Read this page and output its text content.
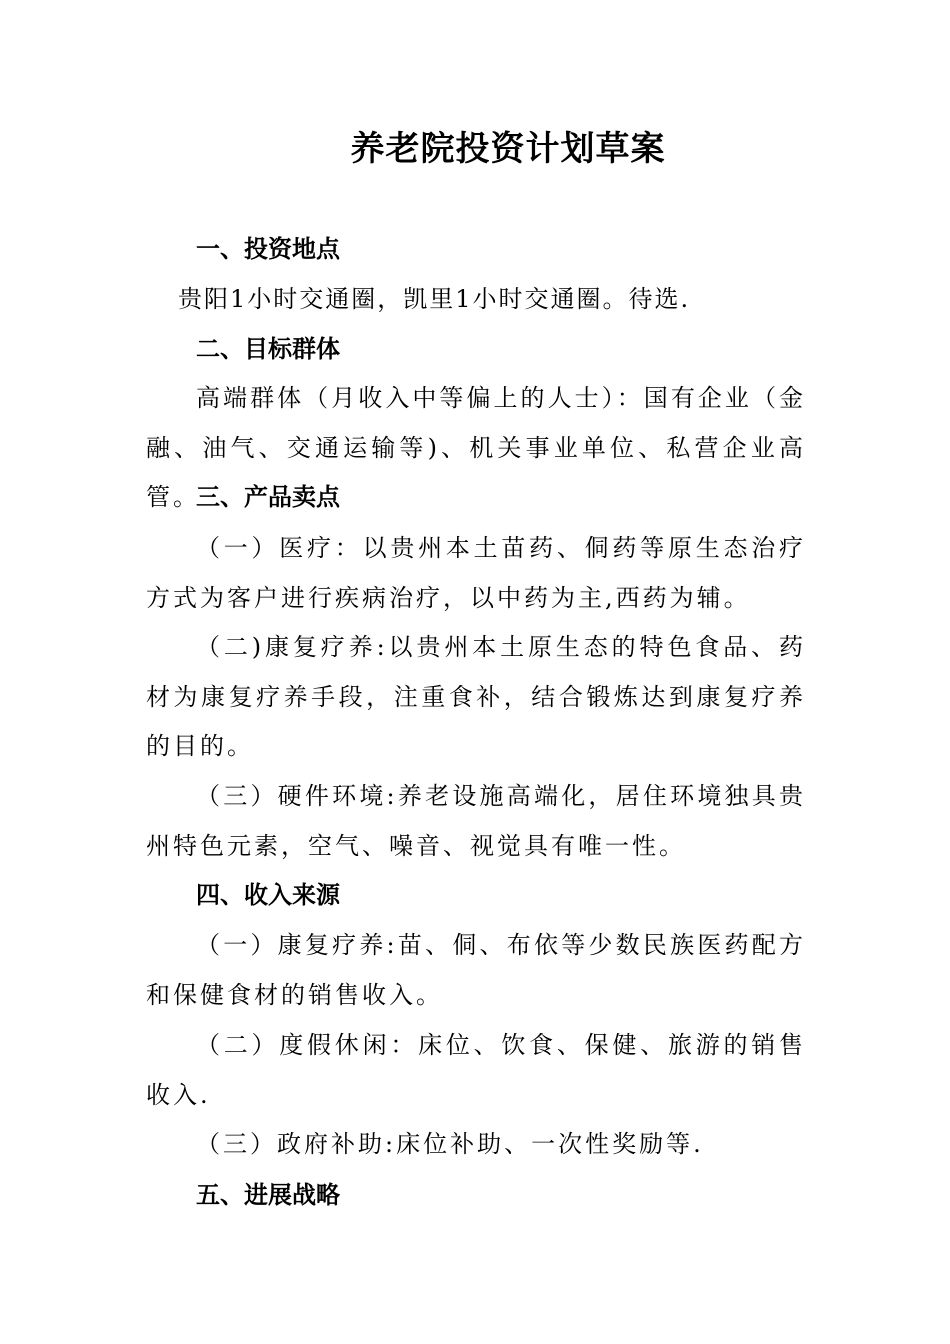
养老院投资计划草案
一、投资地点
贵阳1小时交通圈，凯里1小时交通圈。待选.
二、目标群体
高端群体（月收入中等偏上的人士）：国有企业（金融、油气、交通运输等)、机关事业单位、私营企业高管。
三、产品卖点
（一）医疗：以贵州本土苗药、侗药等原生态治疗方式为客户进行疾病治疗，以中药为主,西药为辅。
（二)康复疗养:以贵州本土原生态的特色食品、药材为康复疗养手段，注重食补，结合锻炼达到康复疗养的目的。
（三）硬件环境:养老设施高端化，居住环境独具贵州特色元素，空气、噪音、视觉具有唯一性。
四、收入来源
（一）康复疗养:苗、侗、布依等少数民族医药配方和保健食材的销售收入。
（二）度假休闲：床位、饮食、保健、旅游的销售收入.
（三）政府补助:床位补助、一次性奖励等.
五、进展战略
